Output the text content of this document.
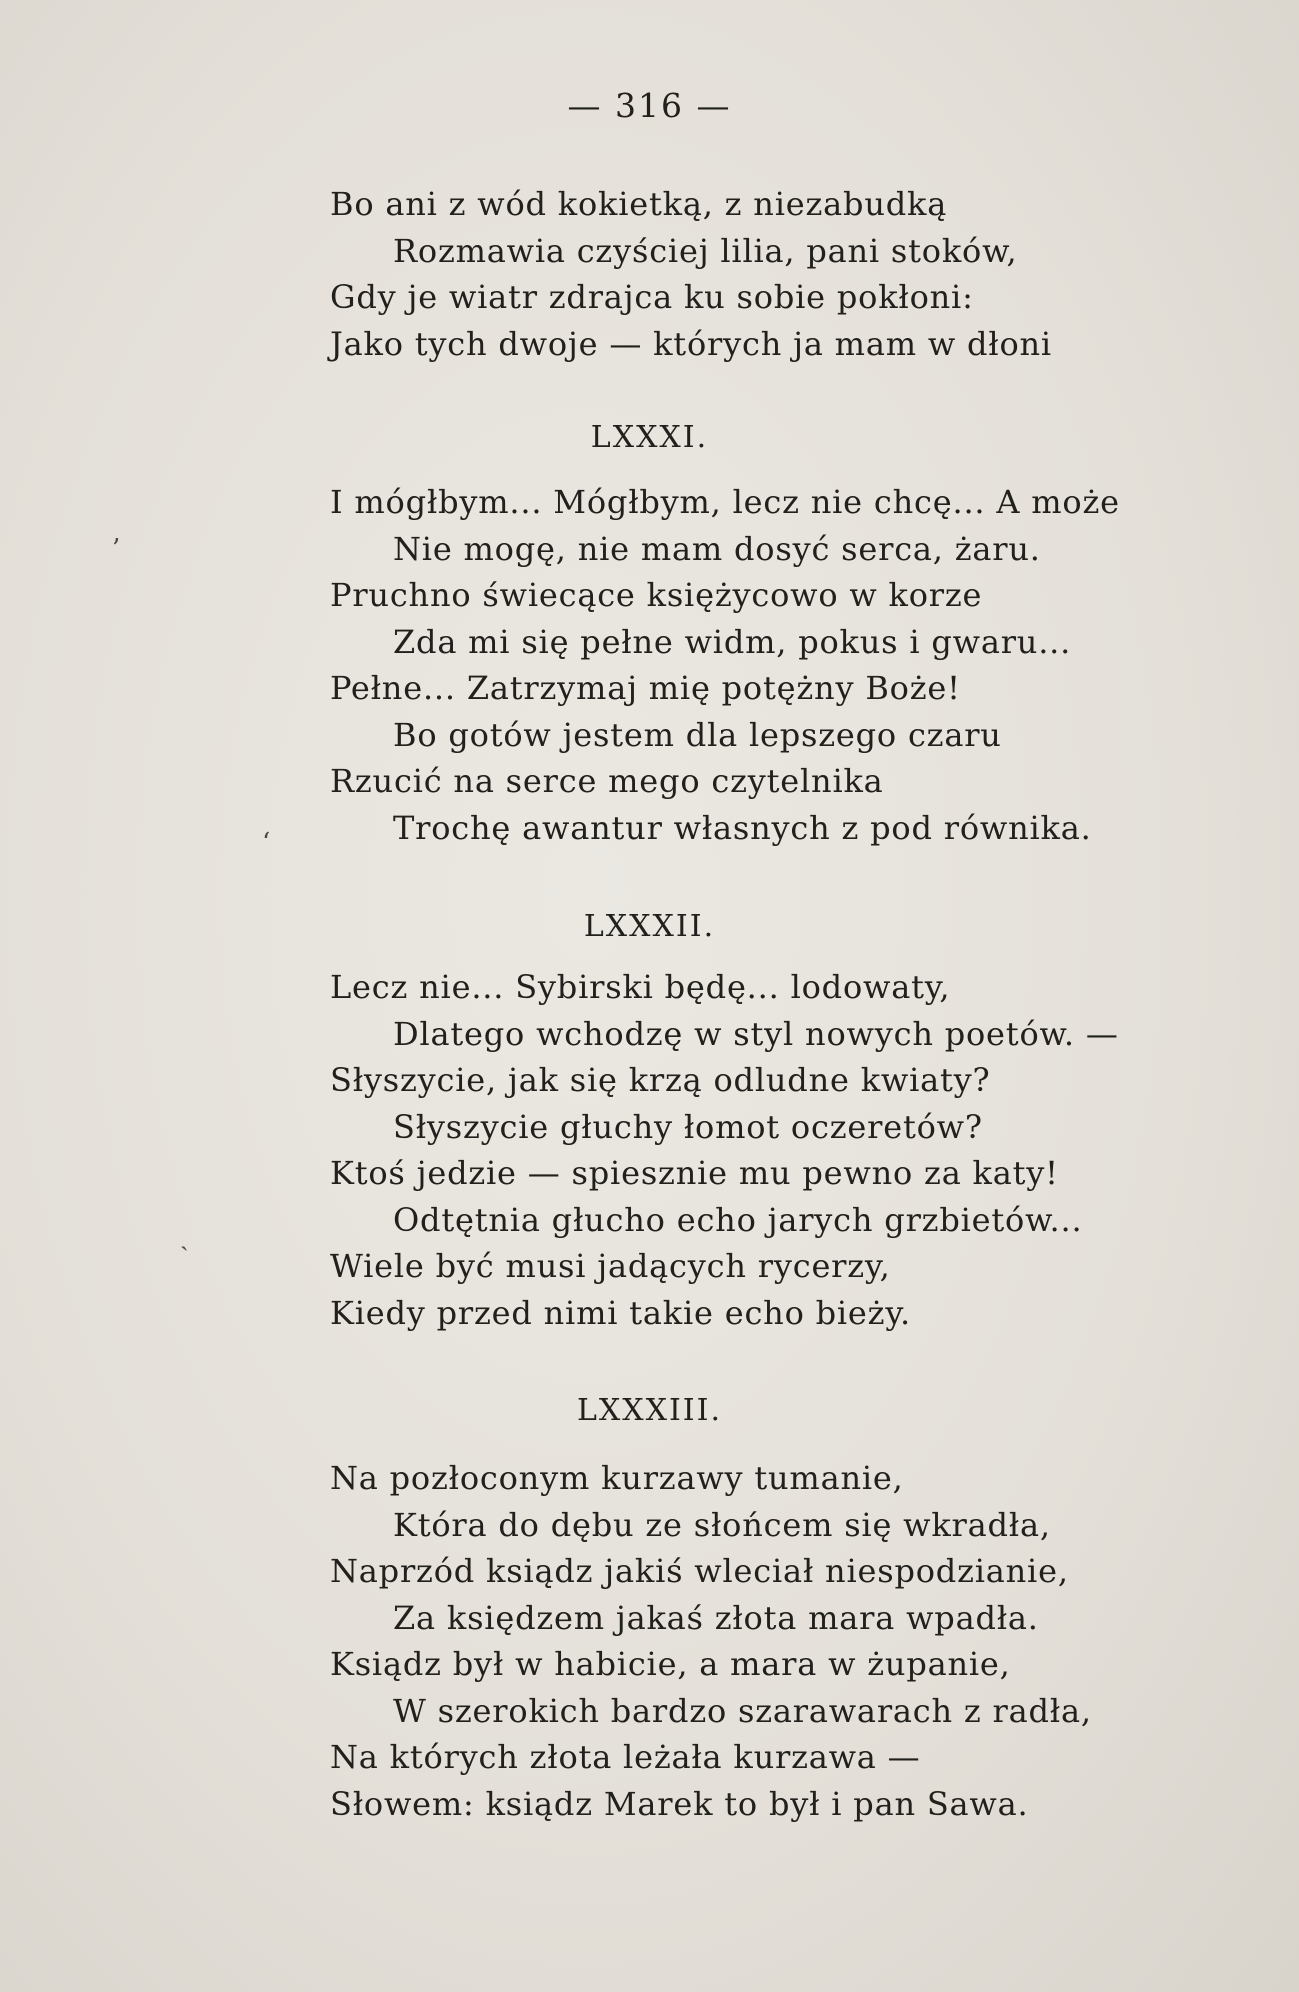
— 316 —
Bo ani z wód kokietką, z niezabudką
Rozmawia czyściej lilia, pani stoków,
Gdy je wiatr zdrajca ku sobie pokłoni:
Jako tych dwoje — których ja mam w dłoni
LXXXI.
I mógłbym... Mógłbym, lecz nie chcę... A może
Nie mogę, nie mam dosyć serca, żaru.
Pruchno świecące księżycowo w korze
Zda mi się pełne widm, pokus i gwaru...
Pełne... Zatrzymaj mię potężny Boże!
Bo gotów jestem dla lepszego czaru
Rzucić na serce mego czytelnika
Trochę awantur własnych z pod równika.
LXXXII.
Lecz nie... Sybirski będę... lodowaty,
Dlatego wchodzę w styl nowych poetów. —
Słyszycie, jak się krzą odludne kwiaty?
Słyszycie głuchy łomot oczeretów?
Ktoś jedzie — spiesznie mu pewno za katy!
Odtętnia głucho echo jarych grzbietów...
Wiele być musi jadących rycerzy,
Kiedy przed nimi takie echo bieży.
LXXXIII.
Na pozłoconym kurzawy tumanie,
Która do dębu ze słońcem się wkradła,
Naprzód ksiądz jakiś wleciał niespodzianie,
Za księdzem jakaś złota mara wpadła.
Ksiądz był w habicie, a mara w żupanie,
W szerokich bardzo szarawarach z radła,
Na których złota leżała kurzawa —
Słowem: ksiądz Marek to był i pan Sawa.
’
ʻ
ˏ
